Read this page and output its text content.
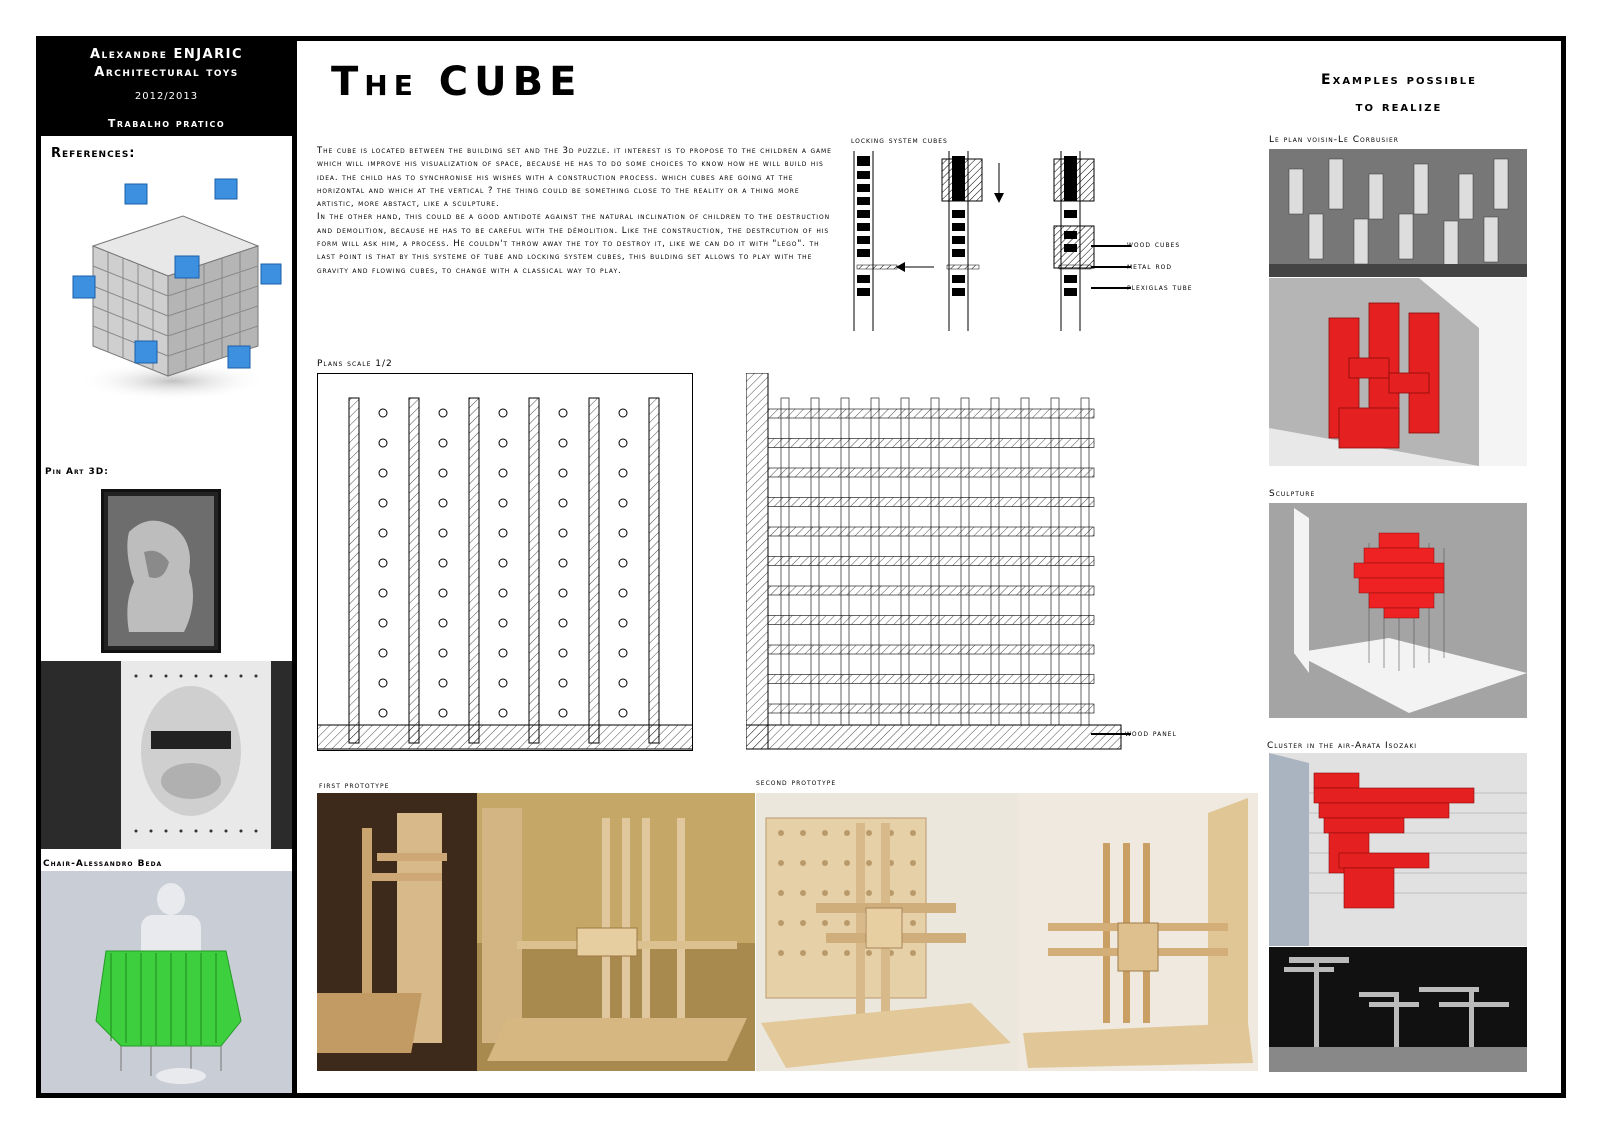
Alexandre ENJARIC
Architectural toys
2012/2013
Trabalho pratico
References:
Pin Art 3D:
Chair-Alessandro Beda
The CUBE

The cube is located between the building set and the 3d puzzle. it interest is to propose to the children a game which will improve his visualization of space, because he has to do some choices to know how he will build his idea. the child has to synchronise his wishes with a construction process. which cubes are going at the horizontal and which at the vertical ? the thing could be something close to the reality or a thing more artistic, more abstact, like a sculpture.

In the other hand, this could be a good antidote against the natural inclination of children to the destruction and demolition, because he has to be careful with the démolition. Like the construction, the destrcution of his form will ask him, a process. He couldn't throw away the toy to destroy it, like we can do it with "lego". th last point is that by this systeme of tube and locking system cubes, this bulding set allows to play with the gravity and flowing cubes, to change with a classical way to play.

locking system cubes
wood cubes
metal rod
plexiglas tube
Plans scale 1/2
wood panel
first prototype	second prototype
Examples possible
to realize
Le plan voisin-Le Corbusier
Sculpture
Cluster in the air-Arata Isozaki
